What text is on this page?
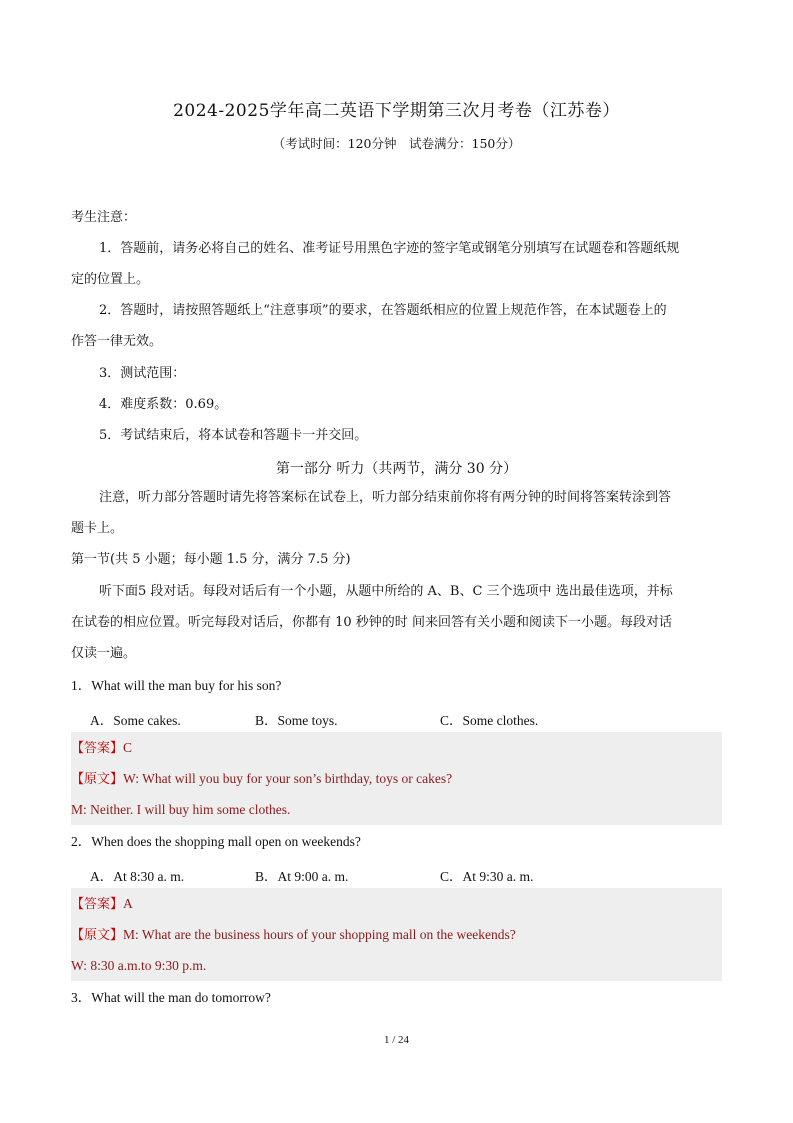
2024-2025学年高二英语下学期第三次月考卷（江苏卷）
（考试时间：120分钟　试卷满分：150分）
考生注意：
1．答题前，请务必将自己的姓名、准考证号用黑色字迹的签字笔或钢笔分别填写在试题卷和答题纸规
定的位置上。
2．答题时，请按照答题纸上“注意事项”的要求，在答题纸相应的位置上规范作答，在本试题卷上的
作答一律无效。
3．测试范围：
4．难度系数：0.69。
5．考试结束后，将本试卷和答题卡一并交回。
第一部分 听力（共两节，满分 30 分）
注意，听力部分答题时请先将答案标在试卷上，听力部分结束前你将有两分钟的时间将答案转涂到答
题卡上。
第一节(共 5 小题；每小题 1.5 分，满分 7.5 分)
听下面5 段对话。每段对话后有一个小题，从题中所给的 A、B、C 三个选项中 选出最佳选项，并标
在试卷的相应位置。听完每段对话后，你都有 10 秒钟的时 间来回答有关小题和阅读下一小题。每段对话
仅读一遍。
1．What will the man buy for his son?
A．Some cakes.	B．Some toys.	C．Some clothes.
【答案】C
【原文】W: What will you buy for your son’s birthday, toys or cakes?
M: Neither. I will buy him some clothes.
2．When does the shopping mall open on weekends?
A．At 8:30 a. m.	B．At 9:00 a. m.	C．At 9:30 a. m.
【答案】A
【原文】M: What are the business hours of your shopping mall on the weekends?
W: 8:30 a.m.to 9:30 p.m.
3．What will the man do tomorrow?
1 / 24
